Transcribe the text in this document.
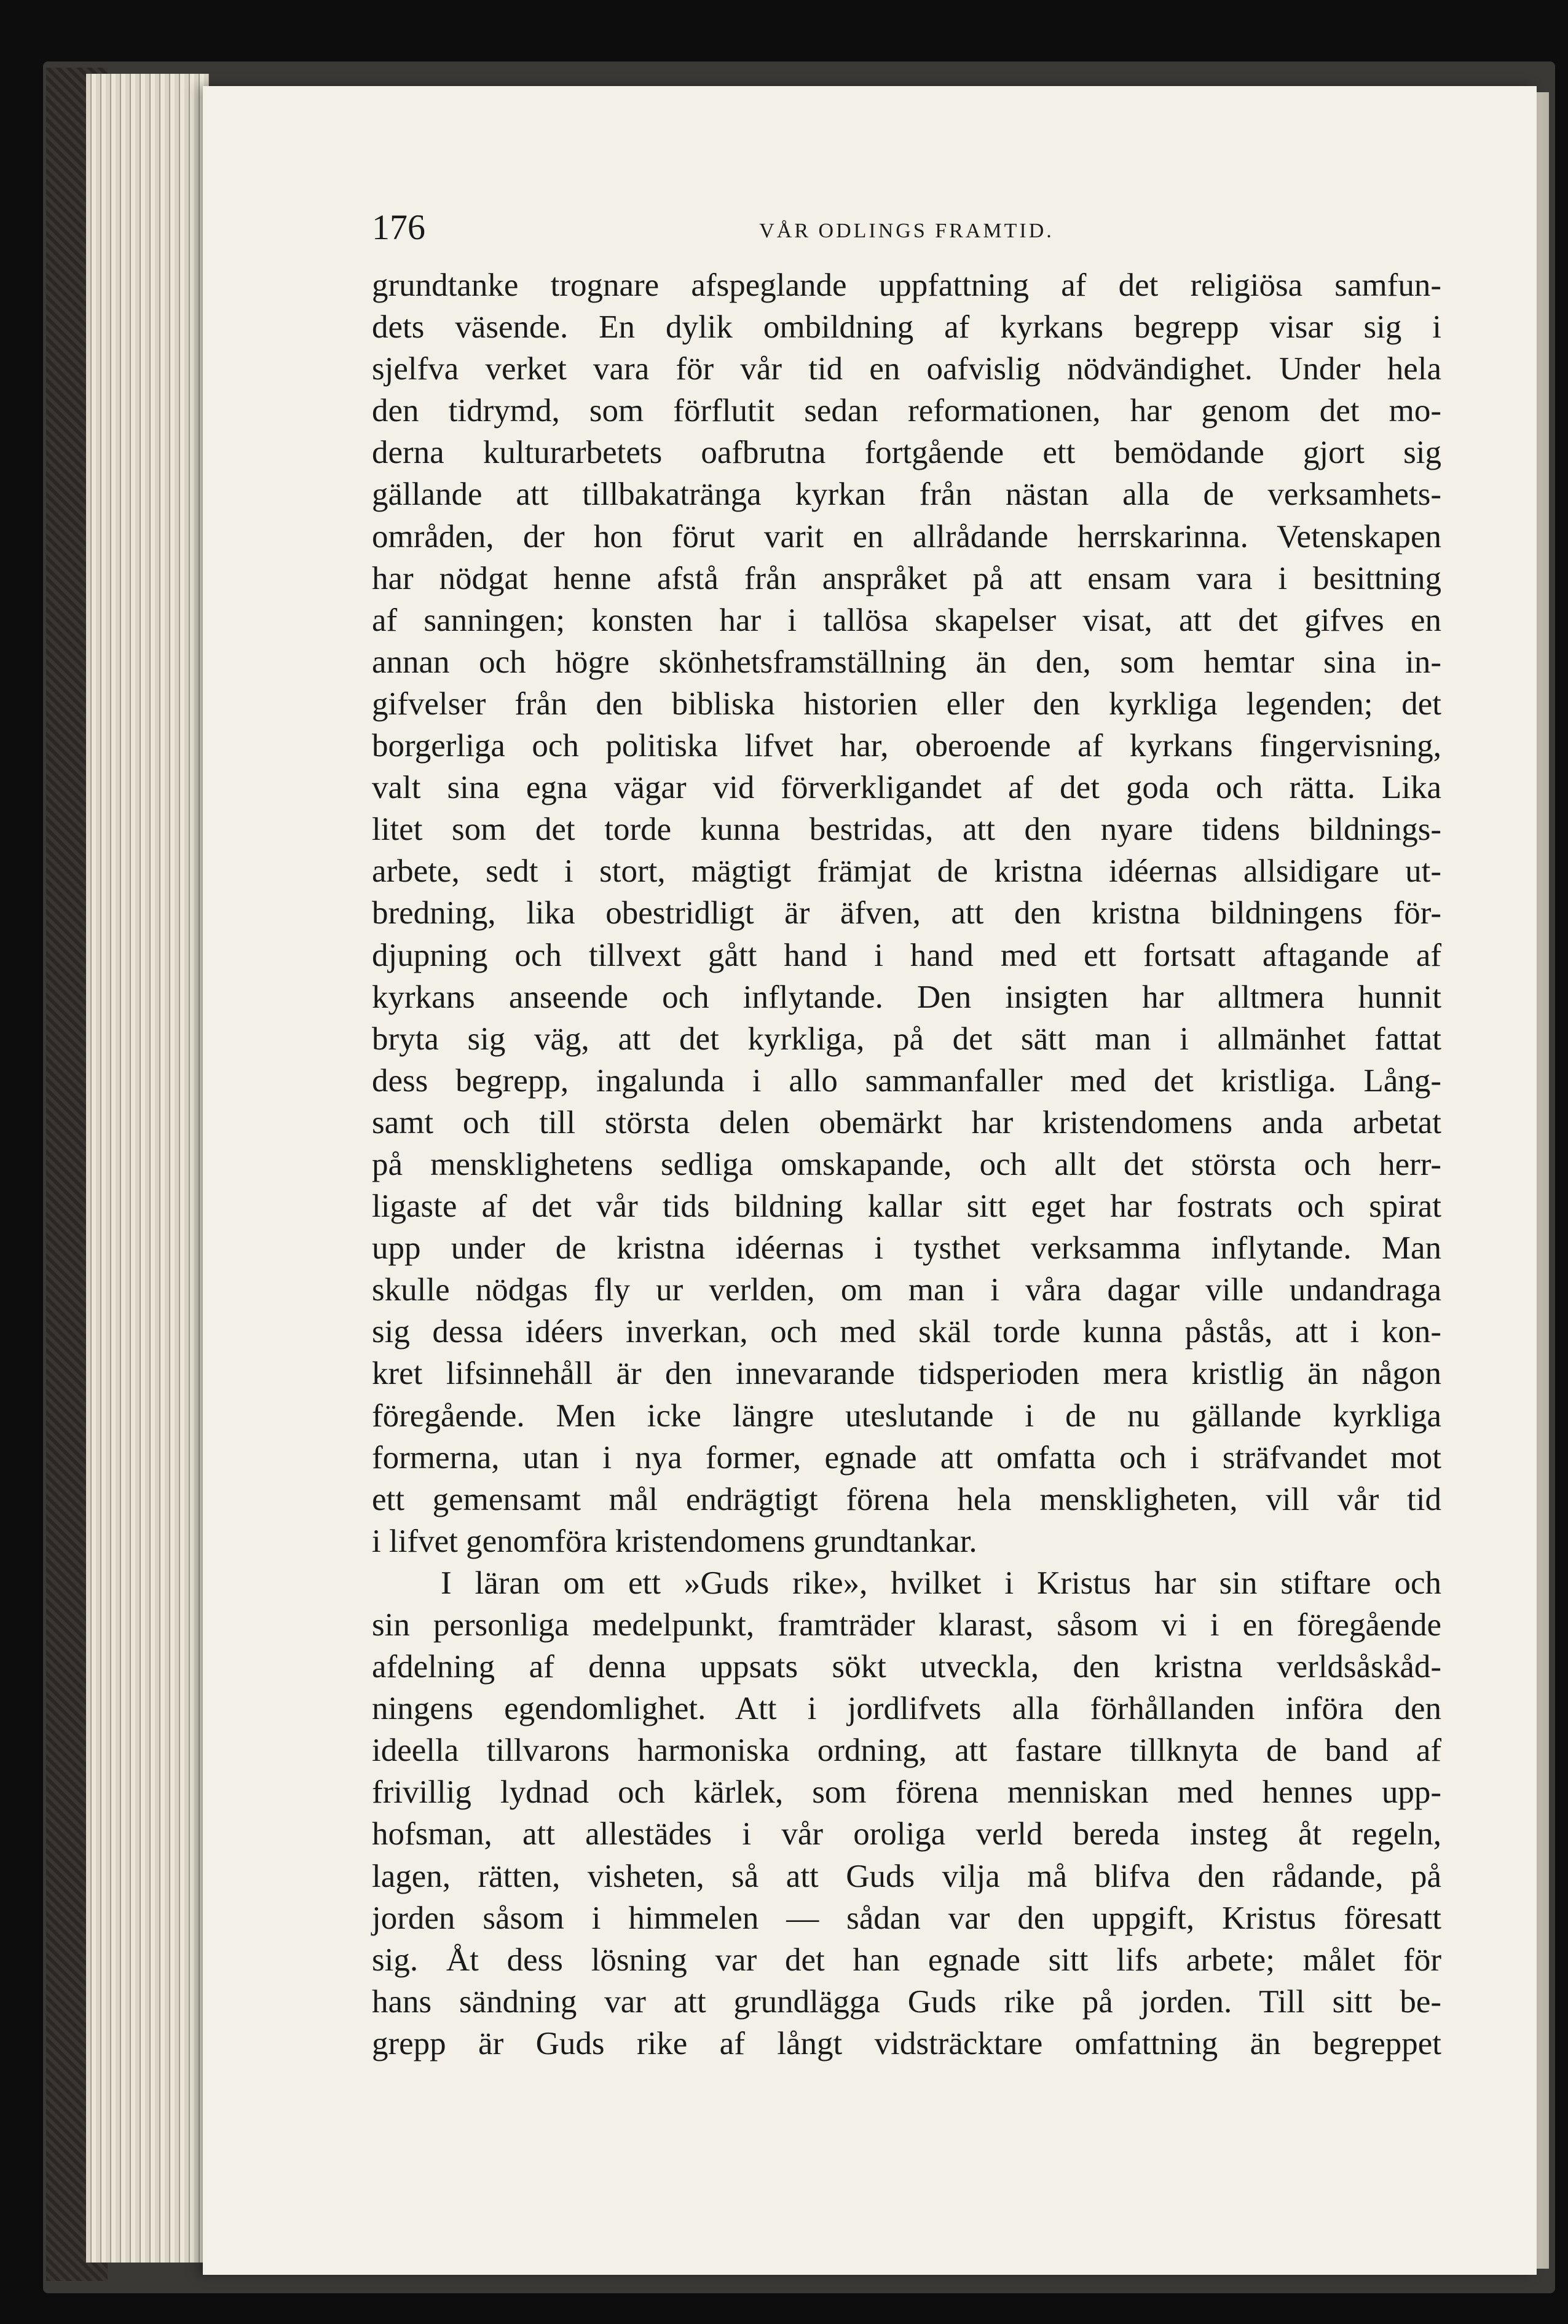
176	VÅR ODLINGS FRAMTID.
grundtanke trognare afspeglande uppfattning af det religiösa samfun-
dets väsende. En dylik ombildning af kyrkans begrepp visar sig i
sjelfva verket vara för vår tid en oafvislig nödvändighet. Under hela
den tidrymd, som förflutit sedan reformationen, har genom det mo-
derna kulturarbetets oafbrutna fortgående ett bemödande gjort sig
gällande att tillbakatränga kyrkan från nästan alla de verksamhets-
områden, der hon förut varit en allrådande herrskarinna. Vetenskapen
har nödgat henne afstå från anspråket på att ensam vara i besittning
af sanningen; konsten har i tallösa skapelser visat, att det gifves en
annan och högre skönhetsframställning än den, som hemtar sina in-
gifvelser från den bibliska historien eller den kyrkliga legenden; det
borgerliga och politiska lifvet har, oberoende af kyrkans fingervisning,
valt sina egna vägar vid förverkligandet af det goda och rätta. Lika
litet som det torde kunna bestridas, att den nyare tidens bildnings-
arbete, sedt i stort, mägtigt främjat de kristna idéernas allsidigare ut-
bredning, lika obestridligt är äfven, att den kristna bildningens för-
djupning och tillvext gått hand i hand med ett fortsatt aftagande af
kyrkans anseende och inflytande. Den insigten har alltmera hunnit
bryta sig väg, att det kyrkliga, på det sätt man i allmänhet fattat
dess begrepp, ingalunda i allo sammanfaller med det kristliga. Lång-
samt och till största delen obemärkt har kristendomens anda arbetat
på mensklighetens sedliga omskapande, och allt det största och herr-
ligaste af det vår tids bildning kallar sitt eget har fostrats och spirat
upp under de kristna idéernas i tysthet verksamma inflytande. Man
skulle nödgas fly ur verlden, om man i våra dagar ville undandraga
sig dessa idéers inverkan, och med skäl torde kunna påstås, att i kon-
kret lifsinnehåll är den innevarande tidsperioden mera kristlig än någon
föregående. Men icke längre uteslutande i de nu gällande kyrkliga
formerna, utan i nya former, egnade att omfatta och i sträfvandet mot
ett gemensamt mål endrägtigt förena hela menskligheten, vill vår tid
i lifvet genomföra kristendomens grundtankar.
I läran om ett »Guds rike», hvilket i Kristus har sin stiftare och
sin personliga medelpunkt, framträder klarast, såsom vi i en föregående
afdelning af denna uppsats sökt utveckla, den kristna verldsåskåd-
ningens egendomlighet. Att i jordlifvets alla förhållanden införa den
ideella tillvarons harmoniska ordning, att fastare tillknyta de band af
frivillig lydnad och kärlek, som förena menniskan med hennes upp-
hofsman, att allestädes i vår oroliga verld bereda insteg åt regeln,
lagen, rätten, visheten, så att Guds vilja må blifva den rådande, på
jorden såsom i himmelen — sådan var den uppgift, Kristus föresatt
sig. Åt dess lösning var det han egnade sitt lifs arbete; målet för
hans sändning var att grundlägga Guds rike på jorden. Till sitt be-
grepp är Guds rike af långt vidsträcktare omfattning än begreppet
